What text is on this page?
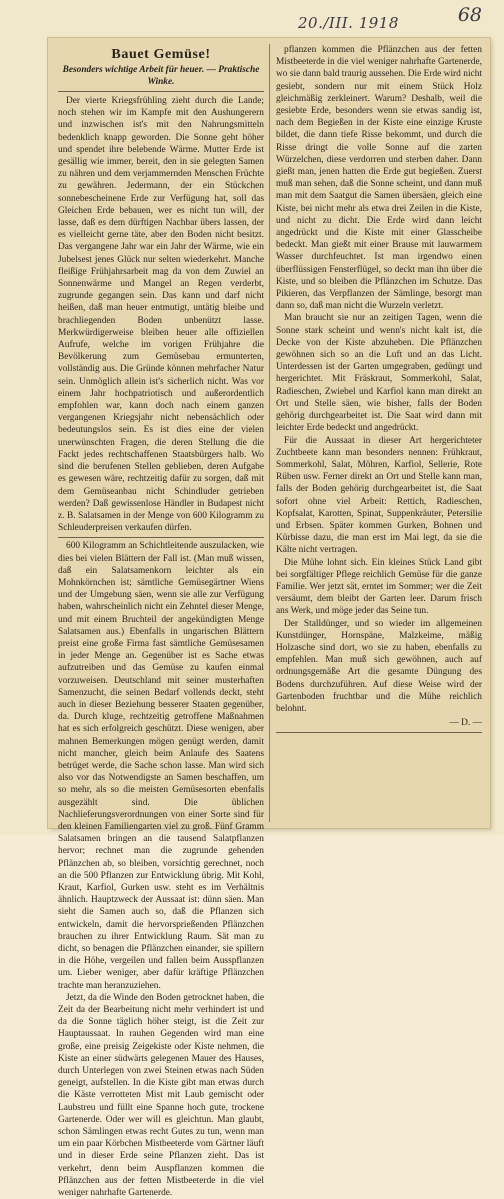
20./III. 1918	68
Bauet Gemüse!
Besonders wichtige Arbeit für heuer. — Praktische Winke.

Der vierte Kriegsfrühling zieht durch die Lande; noch stehen wir im Kampfe mit den Aushungerern und inzwischen ist's mit den Nahrungsmitteln bedenklich knapp geworden. Die Sonne geht höher und spendet ihre belebende Wärme. Mutter Erde ist gesällig wie immer, bereit, den in sie gelegten Samen zu nähren und dem verjammernden Menschen Früchte zu gewähren. Jedermann, der ein Stückchen sonnebescheinene Erde zur Verfügung hat, soll das Gleichen Erde bebauen, wer es nicht tun will, der lasse, daß es dem dürftigen Nachbar übers lassen, der es vielleicht gerne täte, aber den Boden nicht besitzt. Das vergangene Jahr war ein Jahr der Wärme, wie ein Jubelsest jenes Glück nur selten wiederkehrt. Manche fleißige Frühjahrsarbeit mag da von dem Zuwiel an Sonnenwärme und Mangel an Regen verderbt, zugrunde gegangen sein. Das kann und darf nicht heißen, daß man heuer entmutigt, untätig bleibe und brachliegenden Boden unbenützt lasse. Merkwürdigerweise bleiben heuer alle offiziellen Aufrufe, welche im vorigen Frühjahre die Bevölkerung zum Gemüsebau ermunterten, vollständig aus. Die Gründe können mehrfacher Natur sein. Unmöglich allein ist's sicherlich nicht. Was vor einem Jahr hochpatriotisch und außerordentlich empfohlen war, kann doch nach einem ganzen vergangenen Kriegsjahr nicht nebensächlich oder bedeutungslos sein. Es ist dies eine der vielen unerwünschten Fragen, die deren Stellung die die Fackt jedes rechtschaffenen Staatsbürgers halb. Wo sind die berufenen Stellen geblieben, deren Aufgabe es gewesen wäre, rechtzeitig dafür zu sorgen, daß mit dem Gemüseanbau nicht Schindluder getrieben werden? Daß gewissenlose Händler in Budapest nicht z. B. Salatsamen in der Menge von 600 Kilogramm zu Schleuderpreisen verkaufen dürfen.

600 Kilogramm an Schichtleitende auszulacken, wie dies bei vielen Blättern der Fall ist. (Man muß wissen, daß ein Salatsamenkorn leichter als ein Mohnkörnchen ist; sämtliche Gemüsegärtner Wiens und der Umgebung säen, wenn sie alle zur Verfügung haben, wahrscheinlich nicht ein Zehntel dieser Menge, und mit einem Bruchteil der angekündigten Menge Salatsamen aus.) Ebenfalls in ungarischen Blättern preist eine große Firma fast sämtliche Gemüsesamen in jeder Menge an. Gegenüber ist es Sache etwas aufzutreiben und das Gemüse zu kaufen einmal vorzuweisen. Deutschland mit seiner musterhaften Samenzucht, die seinen Bedarf vollends deckt, steht auch in dieser Beziehung besserer Staaten gegenüber, da. Durch kluge, rechtzeitig getroffene Maßnahmen hat es sich erfolgreich geschützt. Diese wenigen, aber mahnen Bemerkungen mögen genügt werden, damit nicht mancher, gleich beim Anlaufe des Saatens betrüget werde, die Sache schon lasse. Man wird sich also vor das Notwendigste an Samen beschaffen, um so mehr, als so die meisten Gemüsesorten ebenfalls ausgezählt sind. Die üblichen Nachlieferungsverordnungen von einer Sorte sind für den kleinen Familiengarten viel zu groß. Fünf Gramm Salatsamen bringen an die tausend Salatpflanzen hervor; rechnet man die zugrunde gehenden Pflänzchen ab, so bleiben, vorsichtig gerechnet, noch an die 500 Pflanzen zur Entwicklung übrig. Mit Kohl, Kraut, Karfiol, Gurken usw. steht es im Verhältnis ähnlich. Hauptzweck der Aussaat ist: dünn säen. Man sieht die Samen auch so, daß die Pflanzen sich entwickeln, damit die hervorsprießenden Pflänzchen brauchen zu ihrer Entwicklung Raum. Sät man zu dicht, so benagen die Pflänzchen einander, sie spillern in die Höhe, vergeilen und fallen beim Ausspflanzen um. Lieber weniger, aber dafür kräftige Pflänzchen trachte man heranzuziehen.

Jetzt, da die Winde den Boden getrocknet haben, die Zeit da der Bearbeitung nicht mehr verhindert ist und da die Sonne täglich höher steigt, ist die Zeit zur Hauptaussaat. In rauhen Gegenden wird man eine große, eine preisig Zeigekiste oder Kiste nehmen, die Kiste an einer südwärts gelegenen Mauer des Hauses, durch Unterlegen von zwei Steinen etwas nach Süden geneigt, aufstellen. In die Kiste gibt man etwas durch die Käste verrotteten Mist mit Laub gemischt oder Laubstreu und füllt eine Spanne hoch gute, trockene Gartenerde. Oder wer will es gleichtun. Man glaubt, schon Sämlingen etwas recht Gutes zu tun, wenn man um ein paar Körbchen Mistbeeterde vom Gärtner läuft und in dieser Erde seine Pflanzen zieht. Das ist verkehrt, denn beim Auspflanzen kommen die Pflänzchen aus der fetten Mistbeeterde in die viel weniger nahrhafte Gartenerde.

pflanzen kommen die Pflänzchen aus der fetten Mistbeeterde in die viel weniger nahrhafte Gartenerde, wo sie dann bald traurig aussehen. Die Erde wird nicht gesiebt, sondern nur mit einem Stück Holz gleichmäßig zerkleinert. Warum? Deshalb, weil die gesiebte Erde, besonders wenn sie etwas sandig ist, nach dem Begießen in der Kiste eine einzige Kruste bildet, die dann tiefe Risse bekommt, und durch die Risse dringt die volle Sonne auf die zarten Würzelchen, diese verdorren und sterben daher. Dann gießt man, jenen hatten die Erde gut begießen. Zuerst muß man sehen, daß die Sonne scheint, und dann muß man mit dem Saatgut die Samen übersäen, gleich eine Kiste, bei nicht mehr als etwa drei Zeilen in die Kiste, und nicht zu dicht. Die Erde wird dann leicht angedrückt und die Kiste mit einer Glasscheibe bedeckt. Man gießt mit einer Brause mit lauwarmem Wasser durchfeuchtet. Ist man irgendwo einen überflüssigen Fensterflügel, so deckt man ihn über die Kiste, und so bleiben die Pflänzchen im Schutze. Das Pikieren, das Verpflanzen der Sämlinge, besorgt man dann so, daß man nicht die Wurzeln verletzt.

Man braucht sie nur an zeitigen Tagen, wenn die Sonne stark scheint und wenn's nicht kalt ist, die Decke von der Kiste abzuheben. Die Pflänzchen gewöhnen sich so an die Luft und an das Licht. Unterdessen ist der Garten umgegraben, gedüngt und hergerichtet. Mit Fräskraut, Sommerkohl, Salat, Radieschen, Zwiebel und Karfiol kann man direkt an Ort und Stelle säen, wie bisher, falls der Boden gehörig durchgearbeitet ist. Die Saat wird dann mit leichter Erde bedeckt und angedrückt.

Für die Aussaat in dieser Art hergerichteter Zuchtbeete kann man besonders nennen: Frühkraut, Sommerkohl, Salat, Möhren, Karfiol, Sellerie, Rote Rüben usw. Ferner direkt an Ort und Stelle kann man, falls der Boden gehörig durchgearbeitet ist, die Saat sofort ohne viel Arbeit: Rettich, Radieschen, Kopfsalat, Karotten, Spinat, Suppenkräuter, Petersilie und Erbsen. Später kommen Gurken, Bohnen und Kürbisse dazu, die man erst im Mai legt, da sie die Kälte nicht vertragen.

Die Mühe lohnt sich. Ein kleines Stück Land gibt bei sorgfältiger Pflege reichlich Gemüse für die ganze Familie. Wer jetzt sät, erntet im Sommer; wer die Zeit versäumt, dem bleibt der Garten leer. Darum frisch ans Werk, und möge jeder das Seine tun.

Der Stalldünger, und so wieder im allgemeinen Kunstdünger, Hornspäne, Malzkeime, mäßig Holzasche sind dort, wo sie zu haben, ebenfalls zu empfehlen. Man muß sich gewöhnen, auch auf ordnungsgemäße Art die gesamte Düngung des Bodens durchzuführen. Auf diese Weise wird der Gartenboden fruchtbar und die Mühe reichlich belohnt.

— D. —
